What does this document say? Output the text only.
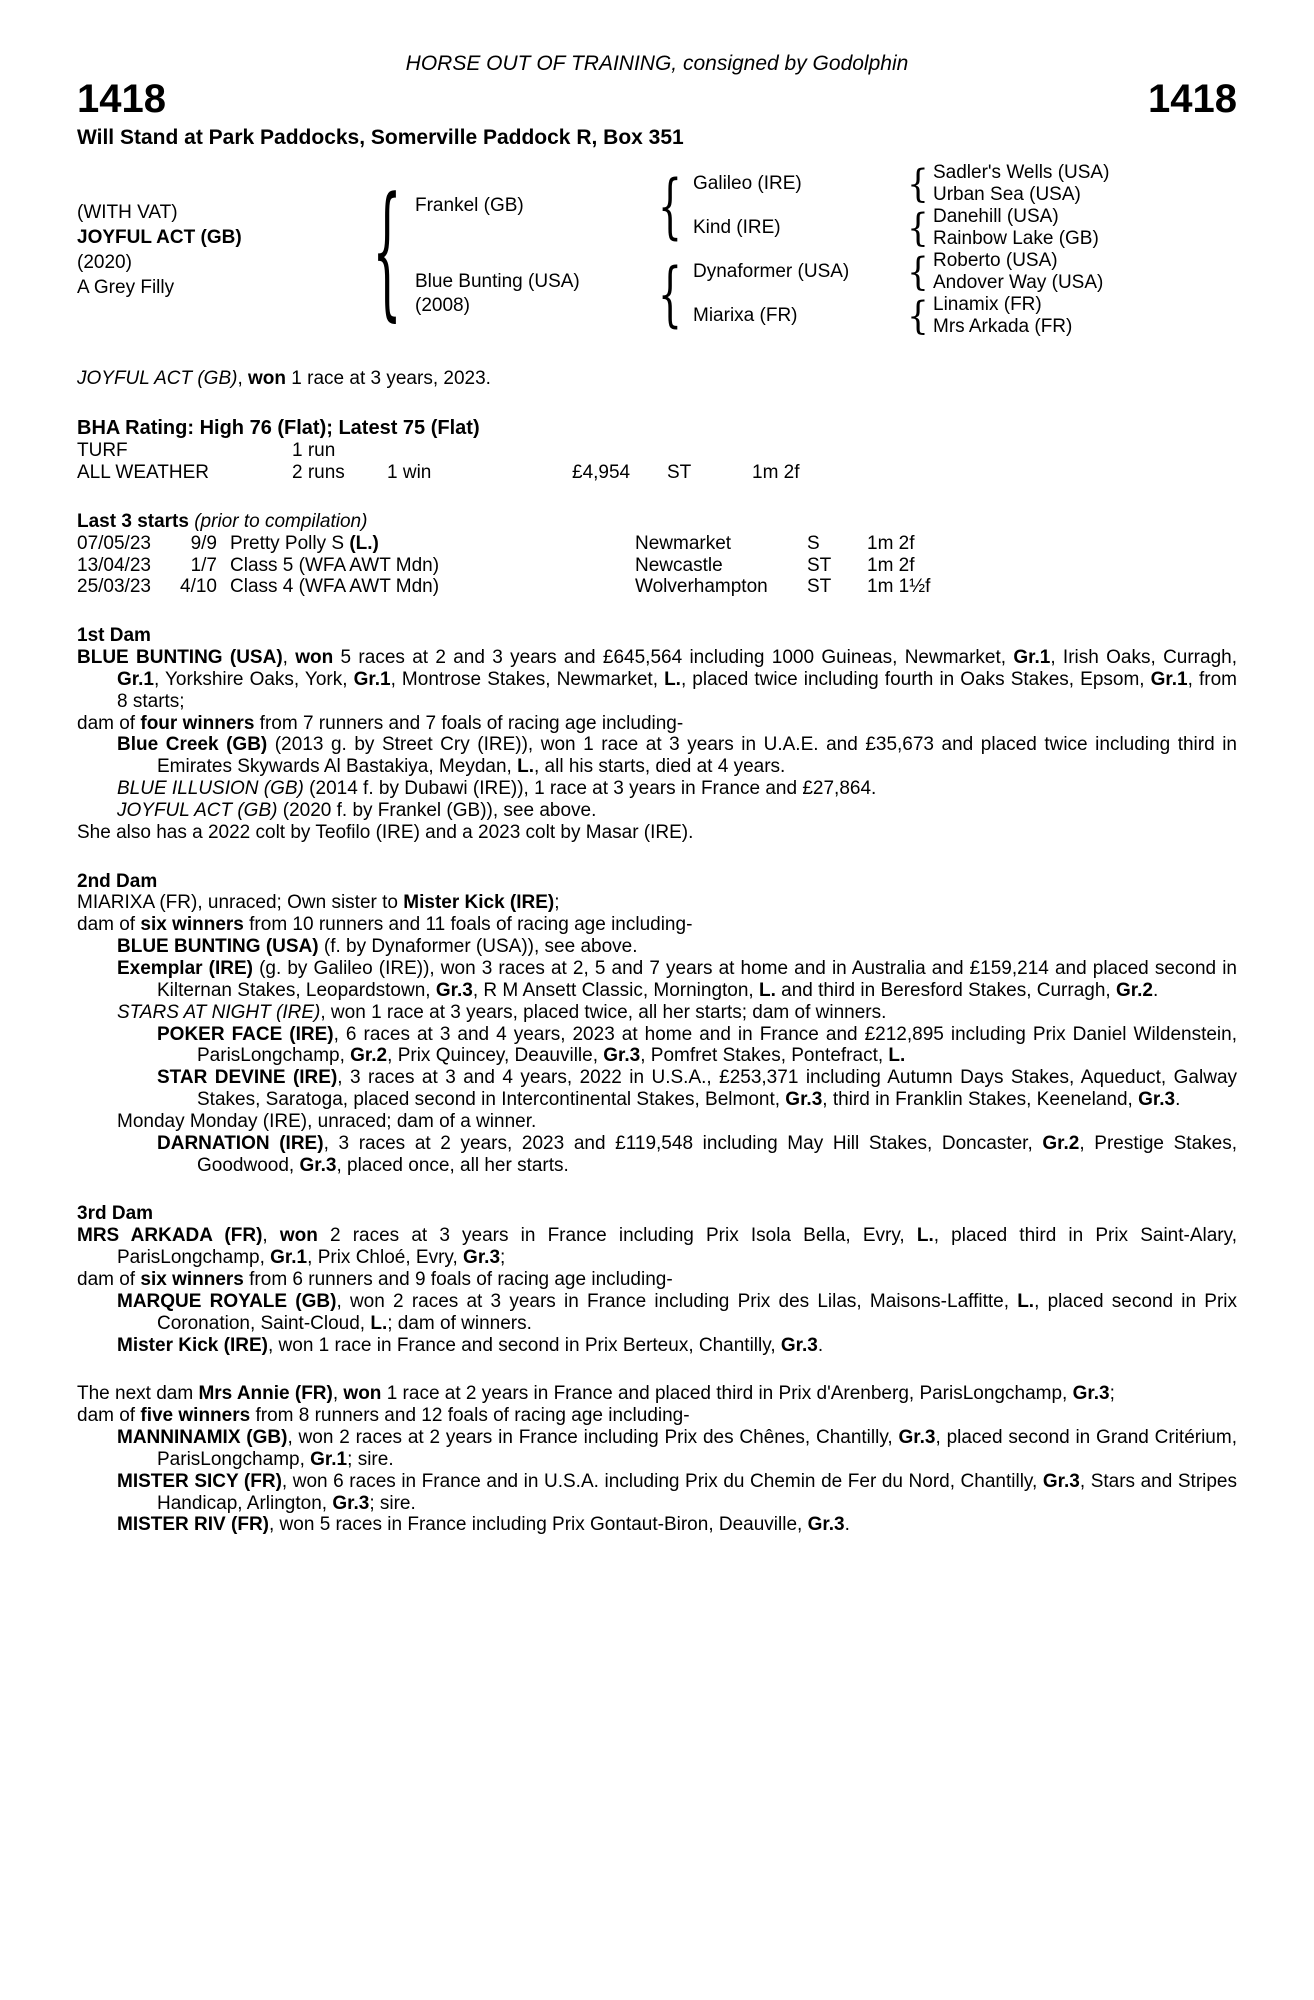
HORSE OUT OF TRAINING, consigned by Godolphin
1418	1418
Will Stand at Park Paddocks, Somerville Paddock R, Box 351
(WITH VAT)
JOYFUL ACT (GB)
(2020)
A Grey Filly
{
Frankel (GB)
{
Galileo (IRE)
{
Sadler's Wells (USA)
Urban Sea (USA)
Kind (IRE)
{
Danehill (USA)
Rainbow Lake (GB)
Blue Bunting (USA)
(2008)
{
Dynaformer (USA)
{
Roberto (USA)
Andover Way (USA)
Miarixa (FR)
{
Linamix (FR)
Mrs Arkada (FR)
JOYFUL ACT (GB), won 1 race at 3 years, 2023.
BHA Rating: High 76 (Flat); Latest 75 (Flat)
TURF	1 run
ALL WEATHER	2 runs	1 win	£4,954	ST	1m 2f
Last 3 starts (prior to compilation)
07/05/23	9/9 Pretty Polly S (L.)	Newmarket	S	1m 2f
13/04/23	1/7 Class 5 (WFA AWT Mdn)	Newcastle	ST	1m 2f
25/03/23	4/10 Class 4 (WFA AWT Mdn)	Wolverhampton	ST	1m 1½f
1st Dam
BLUE BUNTING (USA), won 5 races at 2 and 3 years and £645,564 including 1000 Guineas, Newmarket, Gr.1, Irish Oaks, Curragh, Gr.1, Yorkshire Oaks, York, Gr.1, Montrose Stakes, Newmarket, L., placed twice including fourth in Oaks Stakes, Epsom, Gr.1, from 8 starts;
dam of four winners from 7 runners and 7 foals of racing age including-
Blue Creek (GB) (2013 g. by Street Cry (IRE)), won 1 race at 3 years in U.A.E. and £35,673 and placed twice including third in Emirates Skywards Al Bastakiya, Meydan, L., all his starts, died at 4 years.
BLUE ILLUSION (GB) (2014 f. by Dubawi (IRE)), 1 race at 3 years in France and £27,864.
JOYFUL ACT (GB) (2020 f. by Frankel (GB)), see above.
She also has a 2022 colt by Teofilo (IRE) and a 2023 colt by Masar (IRE).
2nd Dam
MIARIXA (FR), unraced; Own sister to Mister Kick (IRE);
dam of six winners from 10 runners and 11 foals of racing age including-
BLUE BUNTING (USA) (f. by Dynaformer (USA)), see above.
Exemplar (IRE) (g. by Galileo (IRE)), won 3 races at 2, 5 and 7 years at home and in Australia and £159,214 and placed second in Kilternan Stakes, Leopardstown, Gr.3, R M Ansett Classic, Mornington, L. and third in Beresford Stakes, Curragh, Gr.2.
STARS AT NIGHT (IRE), won 1 race at 3 years, placed twice, all her starts; dam of winners.
POKER FACE (IRE), 6 races at 3 and 4 years, 2023 at home and in France and £212,895 including Prix Daniel Wildenstein, ParisLongchamp, Gr.2, Prix Quincey, Deauville, Gr.3, Pomfret Stakes, Pontefract, L.
STAR DEVINE (IRE), 3 races at 3 and 4 years, 2022 in U.S.A., £253,371 including Autumn Days Stakes, Aqueduct, Galway Stakes, Saratoga, placed second in Intercontinental Stakes, Belmont, Gr.3, third in Franklin Stakes, Keeneland, Gr.3.
Monday Monday (IRE), unraced; dam of a winner.
DARNATION (IRE), 3 races at 2 years, 2023 and £119,548 including May Hill Stakes, Doncaster, Gr.2, Prestige Stakes, Goodwood, Gr.3, placed once, all her starts.
3rd Dam
MRS ARKADA (FR), won 2 races at 3 years in France including Prix Isola Bella, Evry, L., placed third in Prix Saint-Alary, ParisLongchamp, Gr.1, Prix Chloé, Evry, Gr.3;
dam of six winners from 6 runners and 9 foals of racing age including-
MARQUE ROYALE (GB), won 2 races at 3 years in France including Prix des Lilas, Maisons-Laffitte, L., placed second in Prix Coronation, Saint-Cloud, L.; dam of winners.
Mister Kick (IRE), won 1 race in France and second in Prix Berteux, Chantilly, Gr.3.
The next dam Mrs Annie (FR), won 1 race at 2 years in France and placed third in Prix d'Arenberg, ParisLongchamp, Gr.3;
dam of five winners from 8 runners and 12 foals of racing age including-
MANNINAMIX (GB), won 2 races at 2 years in France including Prix des Chênes, Chantilly, Gr.3, placed second in Grand Critérium, ParisLongchamp, Gr.1; sire.
MISTER SICY (FR), won 6 races in France and in U.S.A. including Prix du Chemin de Fer du Nord, Chantilly, Gr.3, Stars and Stripes Handicap, Arlington, Gr.3; sire.
MISTER RIV (FR), won 5 races in France including Prix Gontaut-Biron, Deauville, Gr.3.
